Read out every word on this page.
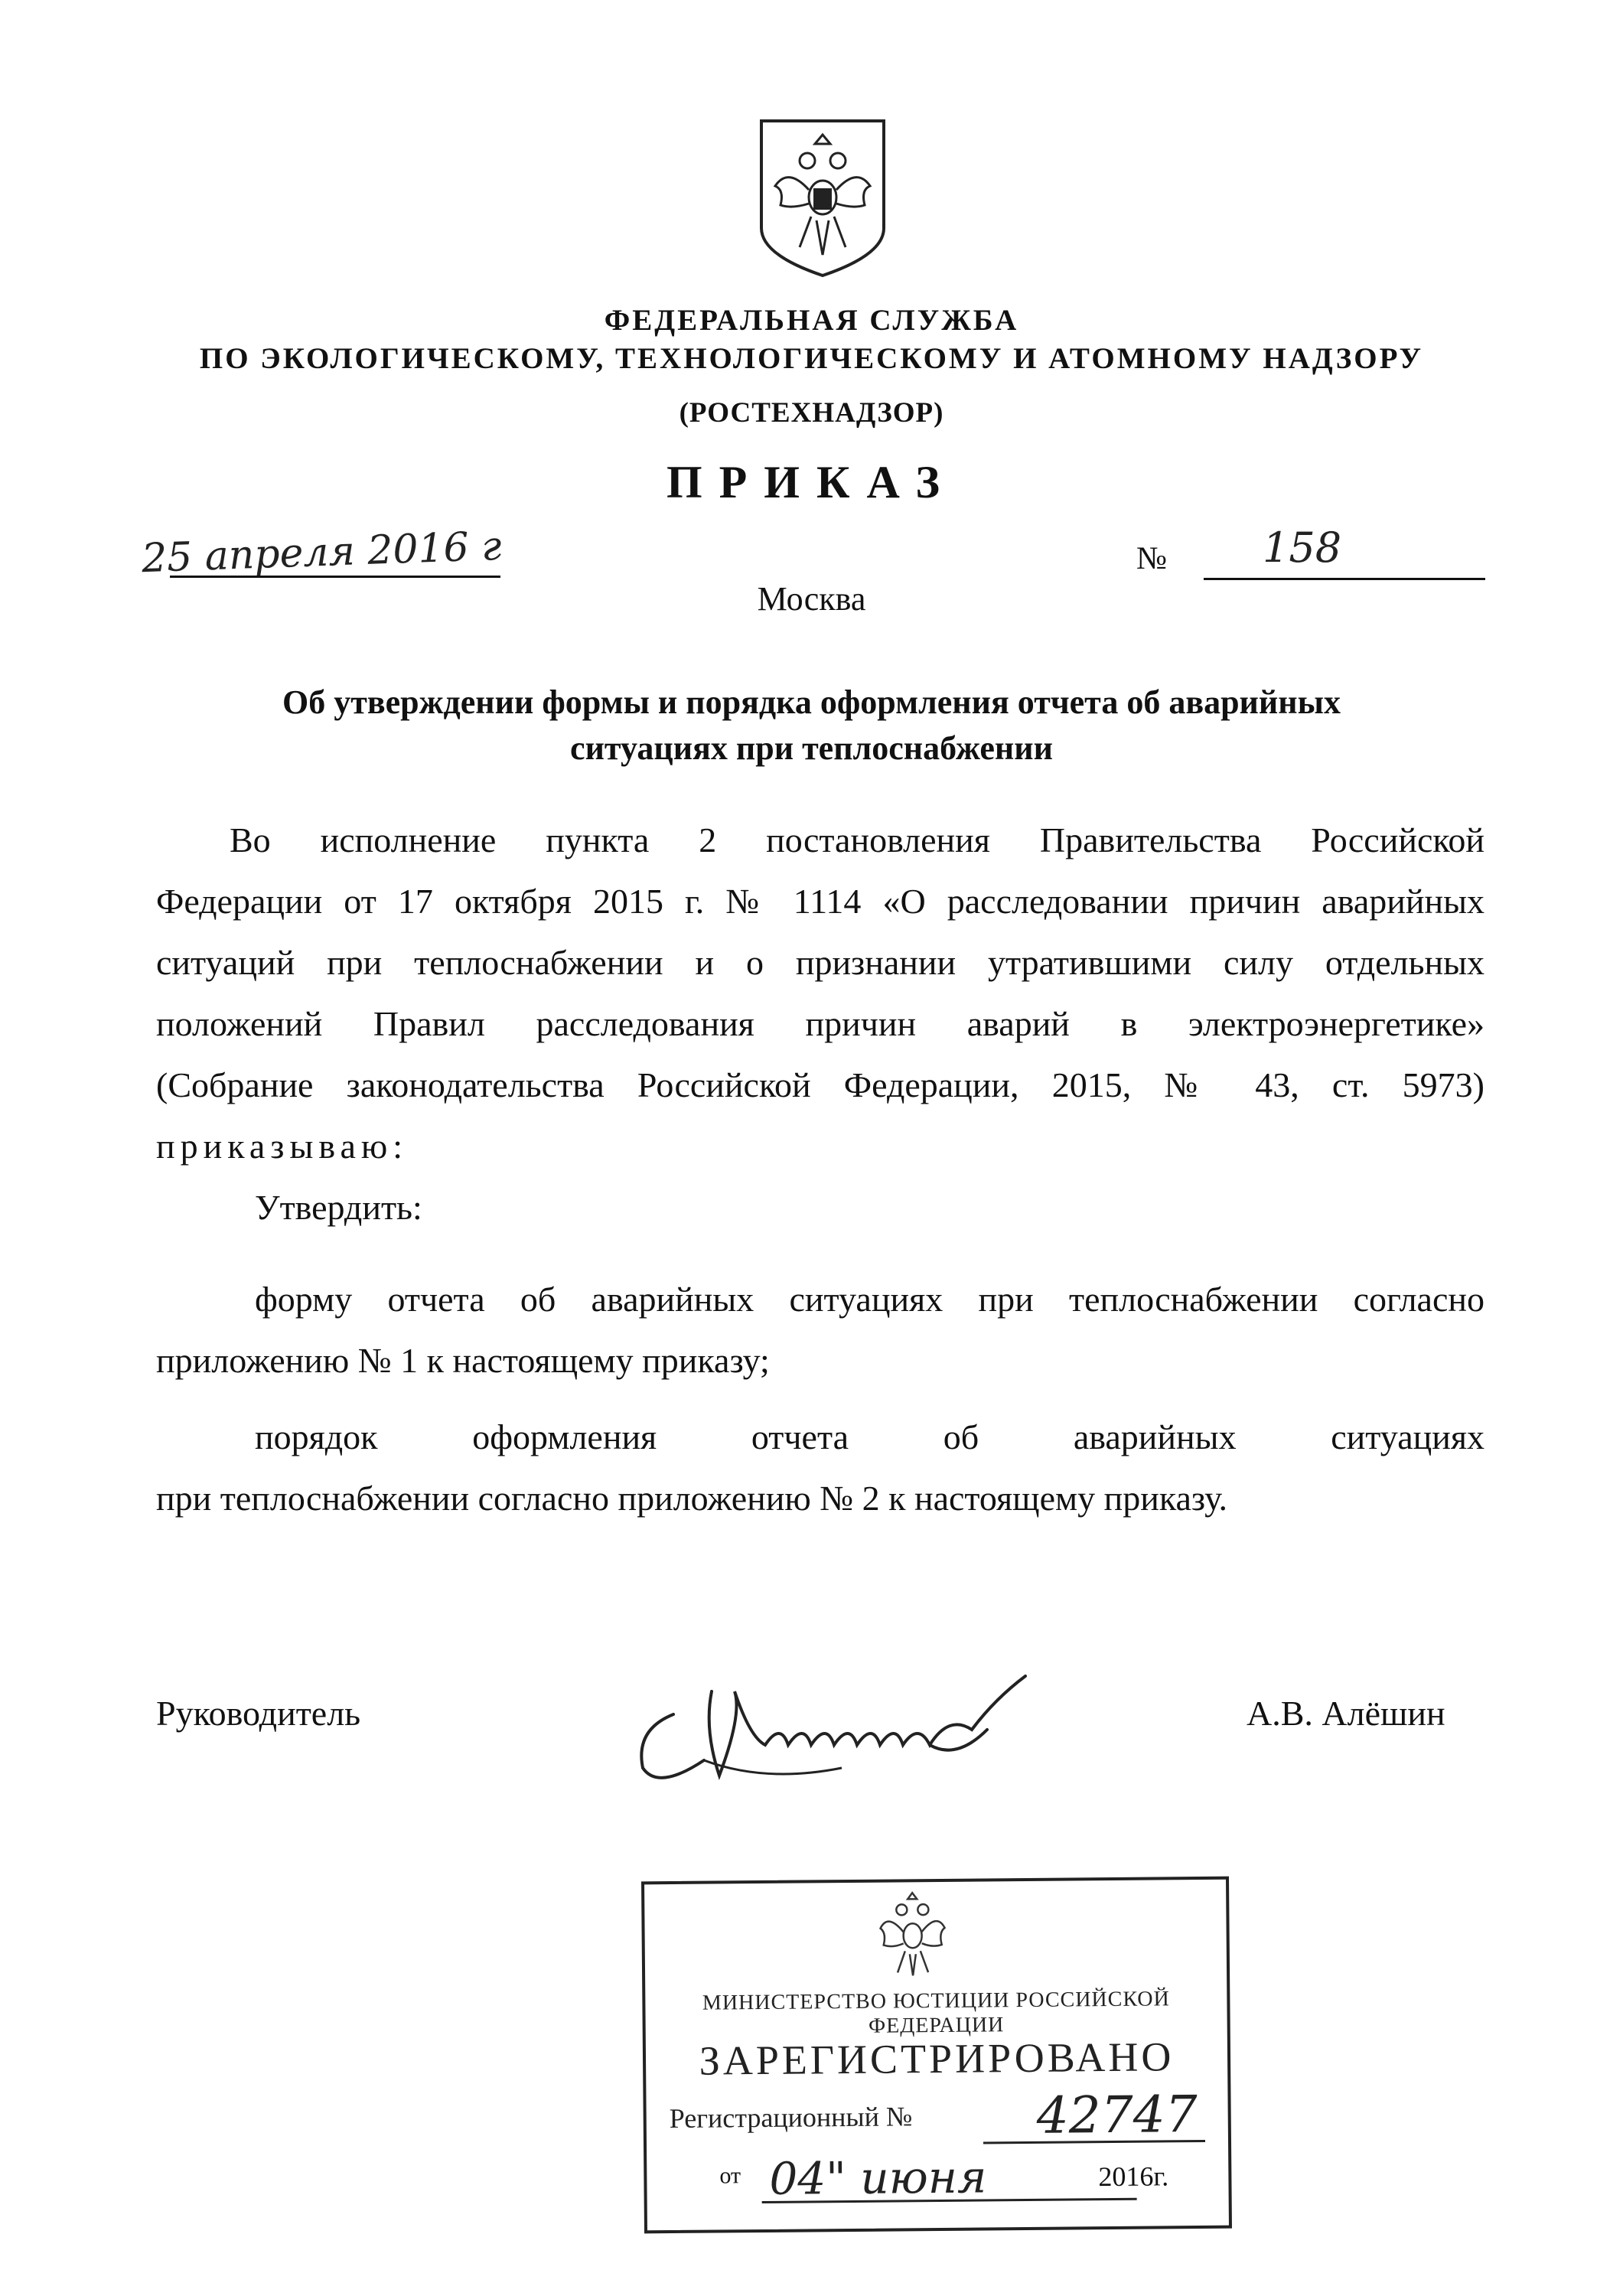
ФЕДЕРАЛЬНАЯ СЛУЖБА
ПО ЭКОЛОГИЧЕСКОМУ, ТЕХНОЛОГИЧЕСКОМУ И АТОМНОМУ НАДЗОРУ
(РОСТЕХНАДЗОР)
ПРИКАЗ
25 апреля 2016 г	№ 158
Москва
Об утверждении формы и порядка оформления отчета об аварийных
ситуациях при теплоснабжении
Во исполнение пункта 2 постановления Правительства Российской
Федерации от 17 октября 2015 г. № 1114 «О расследовании причин аварийных
ситуаций при теплоснабжении и о признании утратившими силу отдельных
положений Правил расследования причин аварий в электроэнергетике»
(Собрание законодательства Российской Федерации, 2015, № 43, ст. 5973)
приказываю:
Утвердить:
форму отчета об аварийных ситуациях при теплоснабжении согласно
приложению № 1 к настоящему приказу;
порядок оформления отчета об аварийных ситуациях
при теплоснабжении согласно приложению № 2 к настоящему приказу.
Руководитель	А.В. Алёшин
МИНИСТЕРСТВО ЮСТИЦИИ РОССИЙСКОЙ ФЕДЕРАЦИИ
ЗАРЕГИСТРИРОВАНО
Регистрационный № 42747
от 04" июня	2016г.
